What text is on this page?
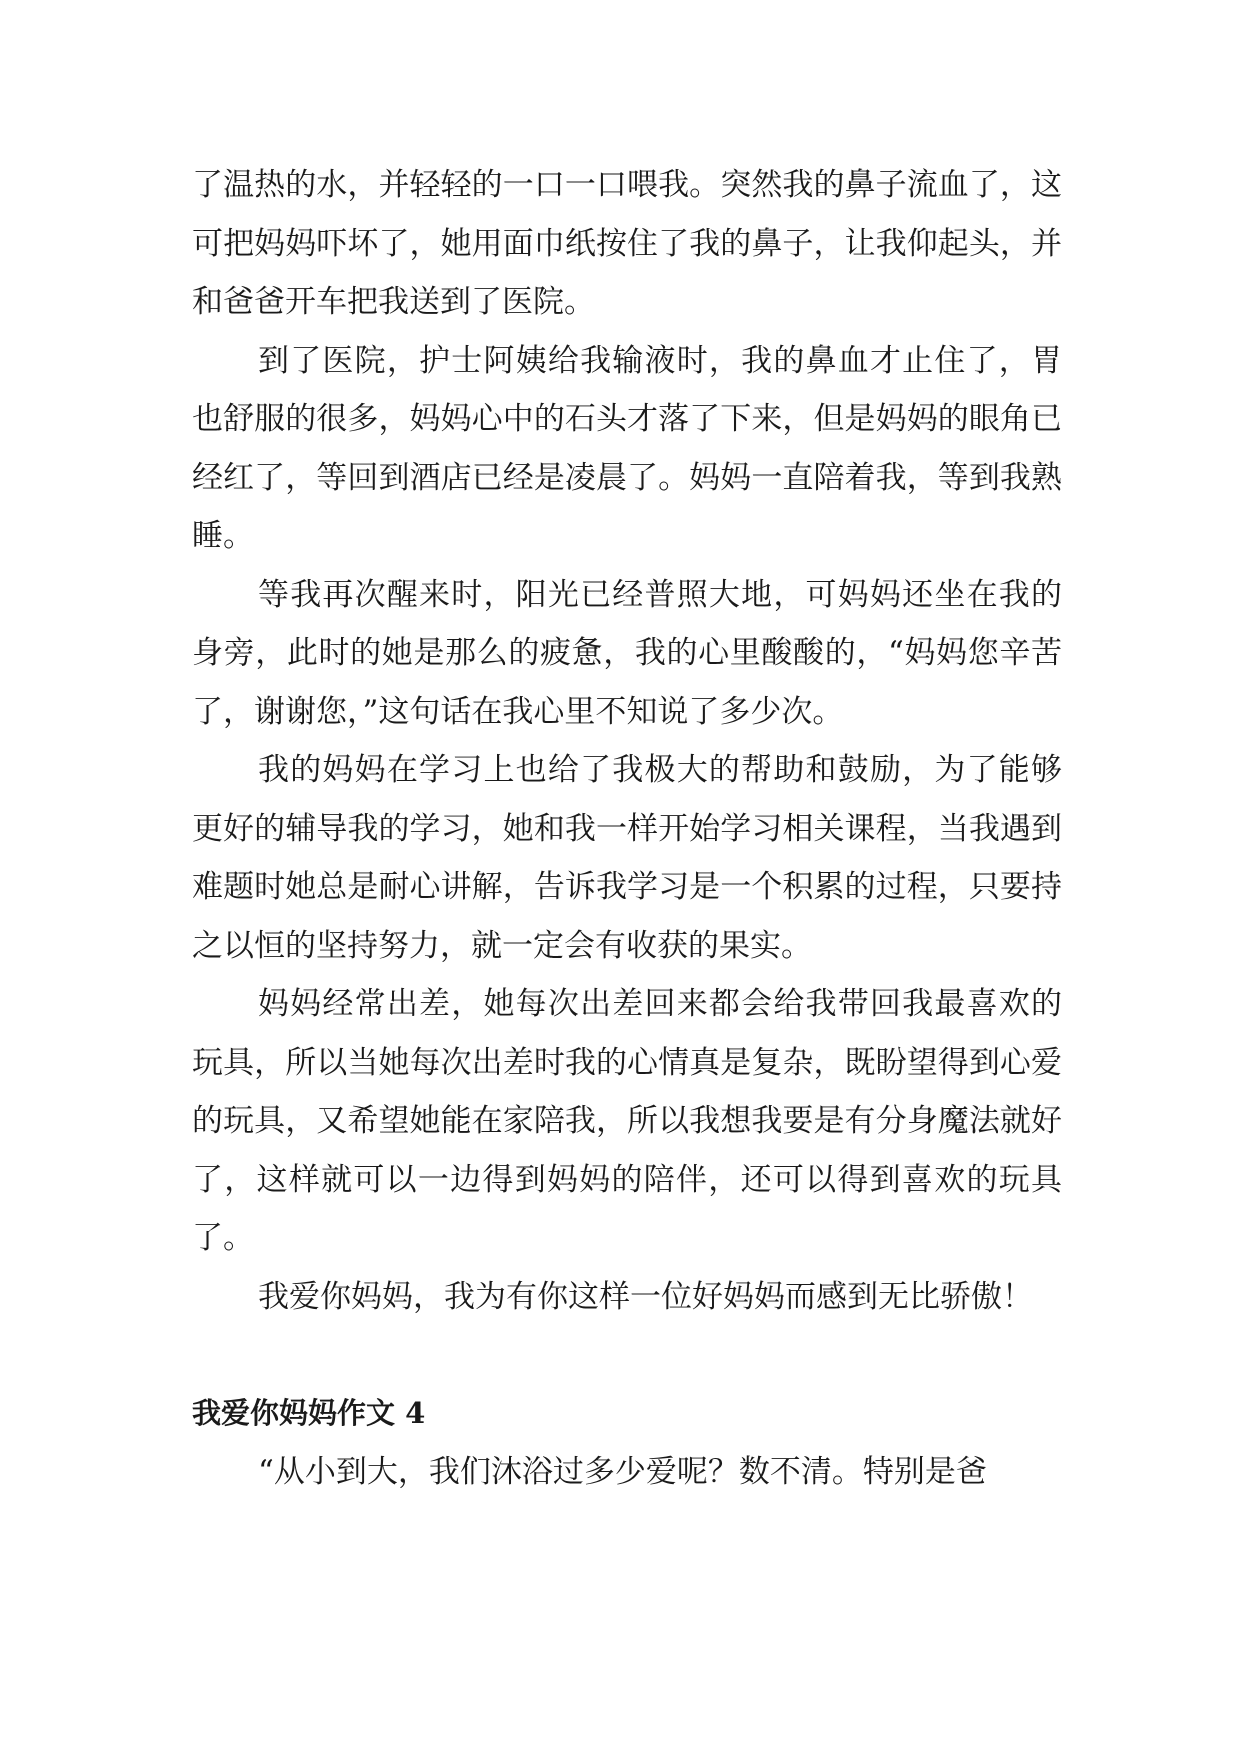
了温热的水，并轻轻的一口一口喂我。突然我的鼻子流血了，这可把妈妈吓坏了，她用面巾纸按住了我的鼻子，让我仰起头，并和爸爸开车把我送到了医院。

到了医院，护士阿姨给我输液时，我的鼻血才止住了，胃也舒服的很多，妈妈心中的石头才落了下来，但是妈妈的眼角已经红了，等回到酒店已经是凌晨了。妈妈一直陪着我，等到我熟睡。

等我再次醒来时，阳光已经普照大地，可妈妈还坐在我的身旁，此时的她是那么的疲惫，我的心里酸酸的，“妈妈您辛苦了，谢谢您，”这句话在我心里不知说了多少次。

我的妈妈在学习上也给了我极大的帮助和鼓励，为了能够更好的辅导我的学习，她和我一样开始学习相关课程，当我遇到难题时她总是耐心讲解，告诉我学习是一个积累的过程，只要持之以恒的坚持努力，就一定会有收获的果实。

妈妈经常出差，她每次出差回来都会给我带回我最喜欢的玩具，所以当她每次出差时我的心情真是复杂，既盼望得到心爱的玩具，又希望她能在家陪我，所以我想我要是有分身魔法就好了，这样就可以一边得到妈妈的陪伴，还可以得到喜欢的玩具了。

我爱你妈妈，我为有你这样一位好妈妈而感到无比骄傲！

我爱你妈妈作文 4

“从小到大，我们沐浴过多少爱呢？数不清。特别是爸
